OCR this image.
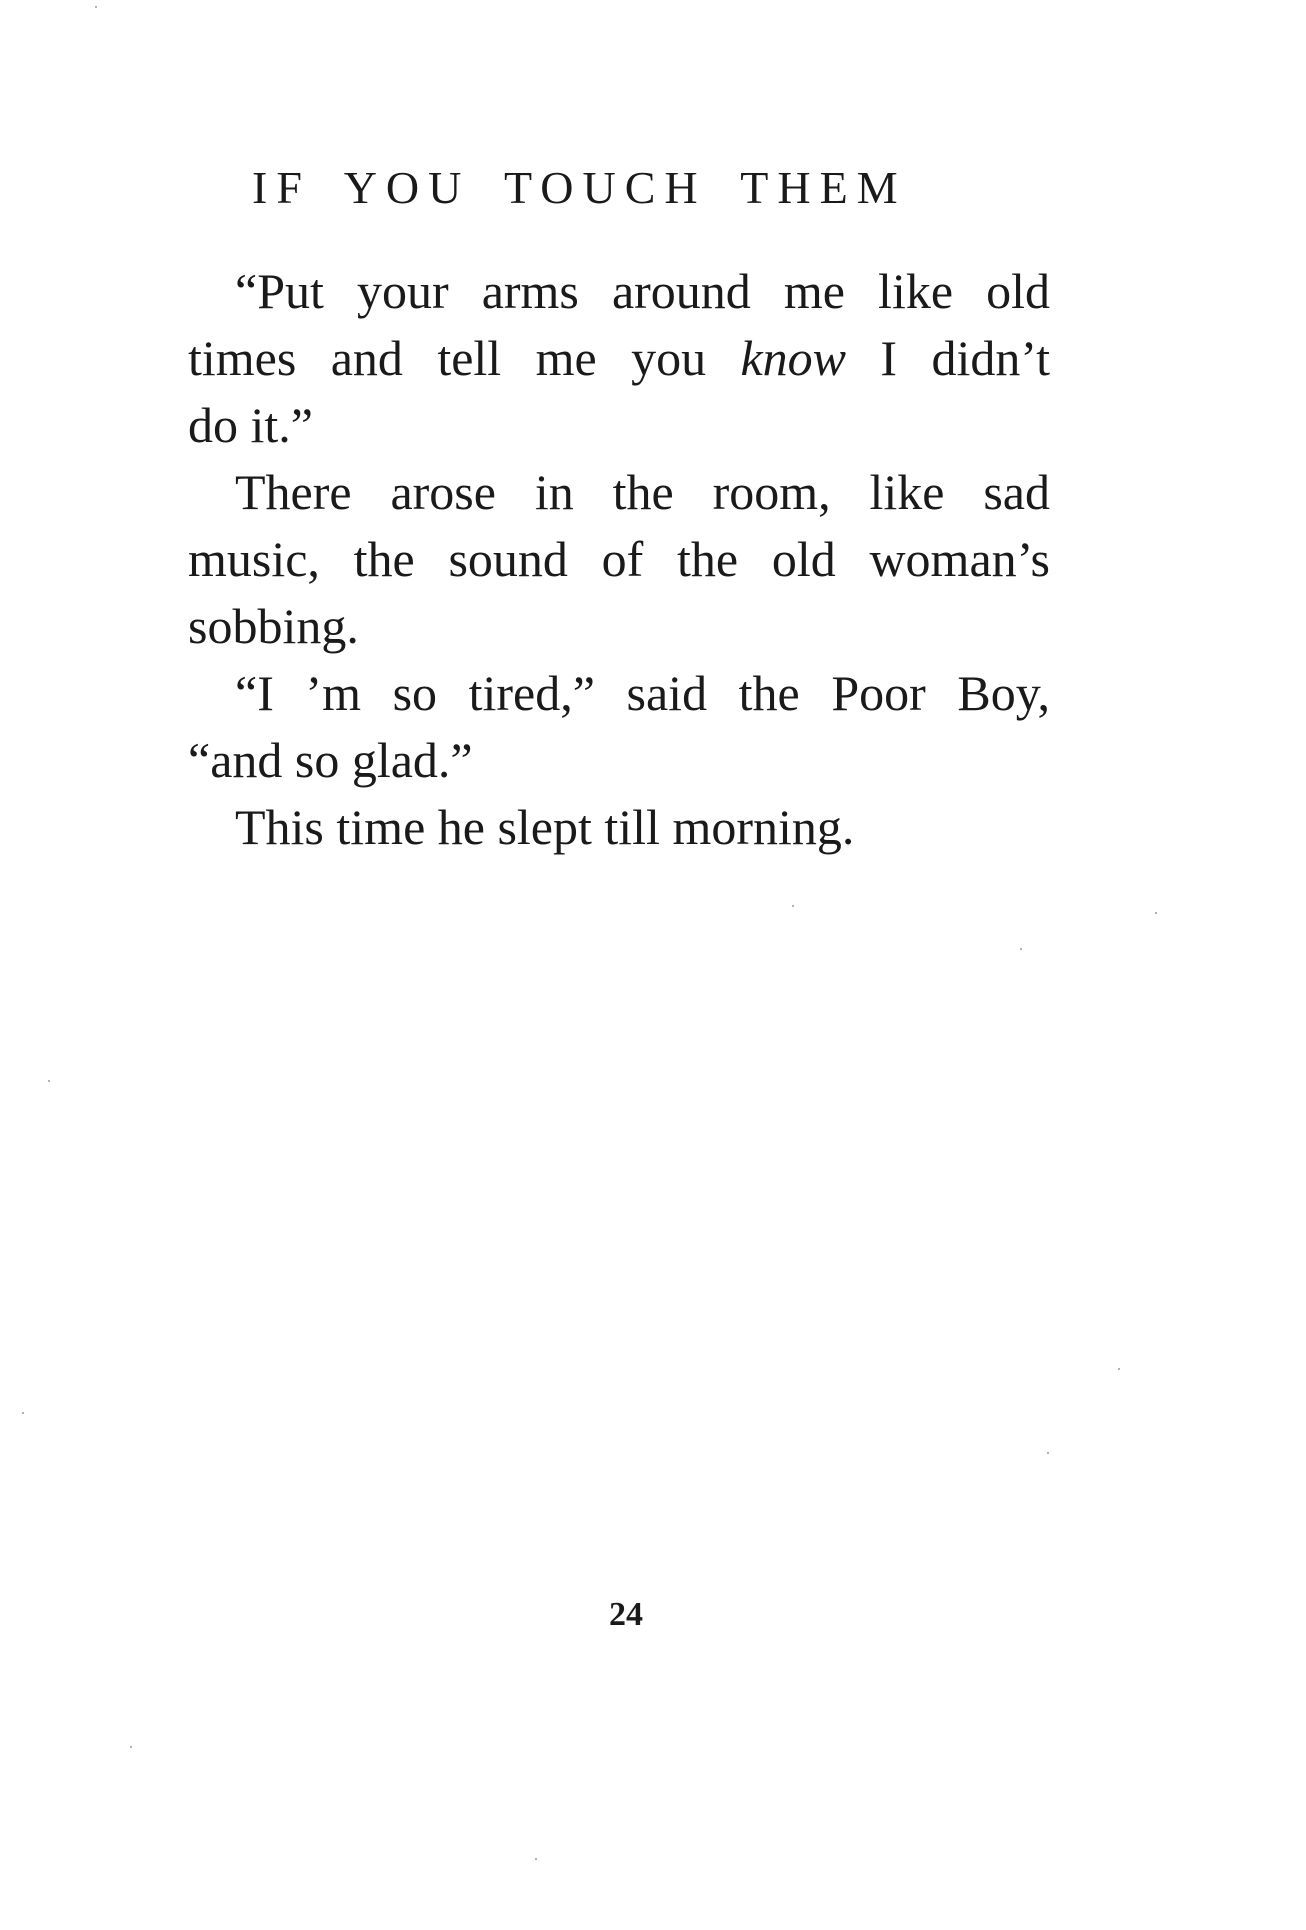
IF YOU TOUCH THEM

“Put your arms around me like old
times and tell me you know I didn’t
do it.”

There arose in the room, like sad
music, the sound of the old woman’s
sobbing.

“I ’m so tired,” said the Poor Boy,
“and so glad.”

This time he slept till morning.

24
